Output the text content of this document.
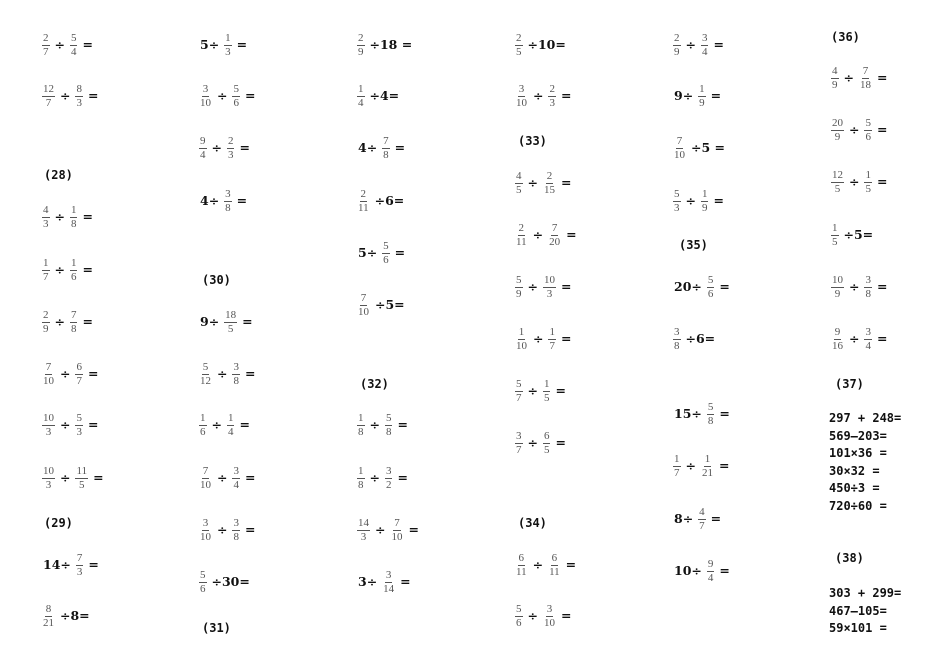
$\frac{2}{7} \div \frac{5}{4}$ =
$\frac{12}{7} \div \frac{8}{3}$ =
(28)
$\frac{4}{3} \div \frac{1}{8}$ =
$\frac{1}{7} \div \frac{1}{6}$ =
$\frac{2}{9} \div \frac{7}{8}$ =
$\frac{7}{10} \div \frac{6}{7}$ =
$\frac{10}{3} \div \frac{5}{3}$ =
$\frac{10}{3} \div \frac{11}{5}$ =
(29)
$14\div \frac{7}{3}$ =
$\frac{8}{21} \div 8=$
$5\div \frac{1}{3}$ =
$\frac{3}{10} \div \frac{5}{6}$ =
$\frac{9}{4} \div \frac{2}{3}$ =
$4\div \frac{3}{8}$ =
(30)
$9\div \frac{18}{5}$ =
$\frac{5}{12} \div \frac{3}{8}$ =
$\frac{1}{6} \div \frac{1}{4}$ =
$\frac{7}{10} \div \frac{3}{4}$ =
$\frac{3}{10} \div \frac{3}{8}$ =
$\frac{5}{6} \div 30=$
(31)
$\frac{2}{9} \div 18$ =
$\frac{1}{4} \div 4=$
$4\div \frac{7}{8}$ =
$\frac{2}{11} \div 6=$
$5\div \frac{5}{6}$ =
$\frac{7}{10} \div 5=$
(32)
$\frac{1}{8} \div \frac{5}{8}$ =
$\frac{1}{8} \div \frac{3}{2}$ =
$\frac{14}{3} \div \frac{7}{10}$ =
$3\div \frac{3}{14}$ =
$\frac{2}{5} \div 10=$
$\frac{3}{10} \div \frac{2}{3}$ =
(33)
$\frac{4}{5} \div \frac{2}{15}$ =
$\frac{2}{11} \div \frac{7}{20}$ =
$\frac{5}{9} \div \frac{10}{3}$ =
$\frac{1}{10} \div \frac{1}{7}$ =
$\frac{5}{7} \div \frac{1}{5}$ =
$\frac{3}{7} \div \frac{6}{5}$ =
(34)
$\frac{6}{11} \div \frac{6}{11}$ =
$\frac{5}{6} \div \frac{3}{10}$ =
$\frac{2}{9} \div \frac{3}{4}$ =
$9\div \frac{1}{9}$ =
$\frac{7}{10} \div 5$ =
$\frac{5}{3} \div \frac{1}{9}$ =
(35)
$20\div \frac{5}{6}$ =
$\frac{3}{8} \div 6=$
$15\div \frac{5}{8}$ =
$\frac{1}{7} \div \frac{1}{21}$ =
$8\div \frac{4}{7}$ =
$10\div \frac{9}{4}$ =
(36)
$\frac{4}{9} \div \frac{7}{18}$ =
$\frac{20}{9} \div \frac{5}{6}$ =
$\frac{12}{5} \div \frac{1}{5}$ =
$\frac{1}{5} \div 5=$
$\frac{10}{9} \div \frac{3}{8}$ =
$\frac{9}{16} \div \frac{3}{4}$ =
(37)
297 + 248=
569—203=
101×36 =
30×32 =
450÷3 =
720÷60 =
(38)
303 + 299=
467—105=
59×101 =
